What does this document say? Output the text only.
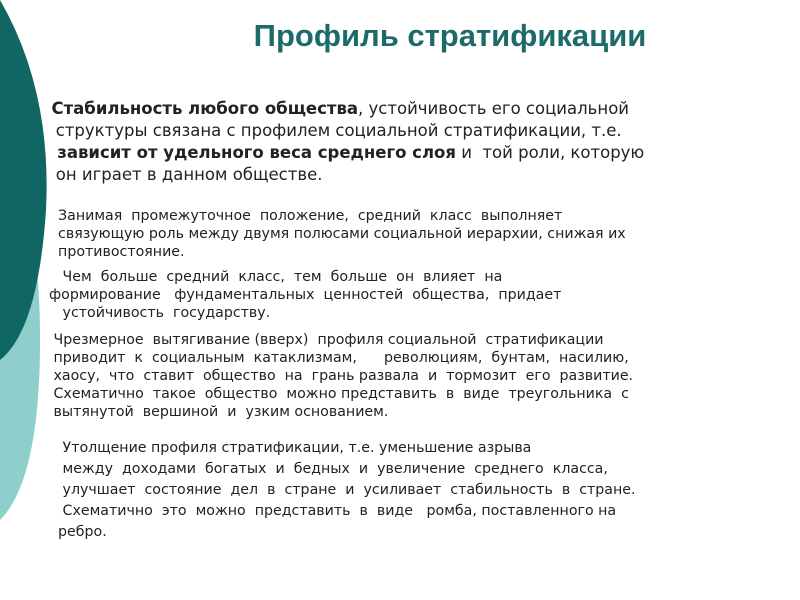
Профиль стратификации
Стабильность любого общества, устойчивость его социальной
структуры связана с профилем социальной стратификации, т.е.
зависит от удельного веса среднего слоя и  той роли, которую
он играет в данном обществе.
Занимая  промежуточное  положение,  средний  класс  выполняет
связующую роль между двумя полюсами социальной иерархии, снижая их
противостояние.
Чем  больше  средний  класс,  тем  больше  он  влияет  на
формирование   фундаментальных  ценностей  общества,  придает
устойчивость  государству.
Чрезмерное  вытягивание (вверх)  профиля социальной  стратификации
приводит  к  социальным  катаклизмам,      революциям,  бунтам,  насилию,
хаосу,  что  ставит  общество  на  грань развала  и  тормозит  его  развитие.
Схематично  такое  общество  можно представить  в  виде  треугольника  с
вытянутой  вершиной  и  узким основанием.
Утолщение профиля стратификации, т.е. уменьшение азрыва
между  доходами  богатых  и  бедных  и  увеличение  среднего  класса,
улучшает  состояние  дел  в  стране  и  усиливает  стабильность  в  стране.
Схематично  это  можно  представить  в  виде   ромба, поставленного на
ребро.
